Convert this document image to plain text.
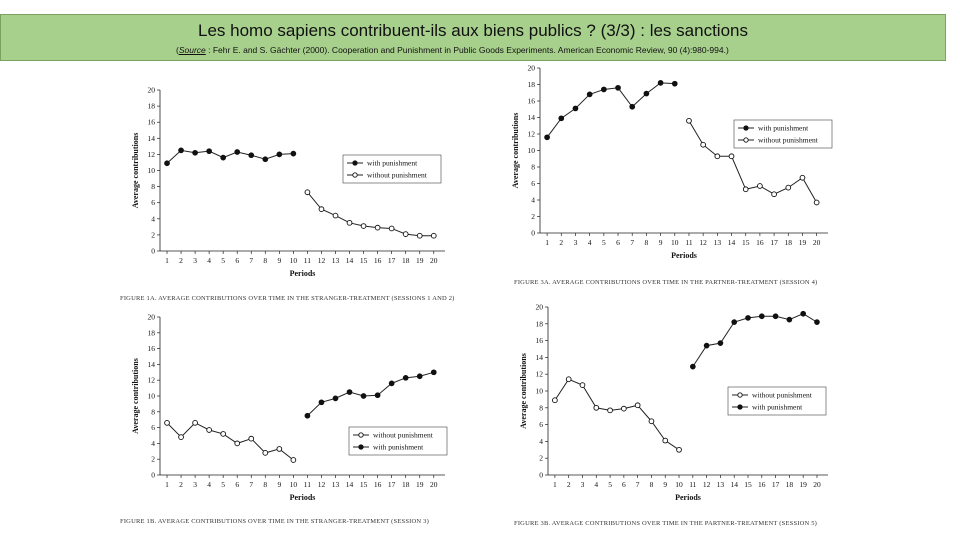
Les homo sapiens contribuent-ils aux biens publics ? (3/3) : les sanctions
(Source : Fehr E. and S. Gächter (2000). Cooperation and Punishment in Public Goods Experiments. American Economic Review, 90 (4):980-994.)
0
2
4
6
8
10
12
14
16
18
20
1 2 3 4 5 6 7 8 9 10 11 12 13 14 15 16 17 18 19 20
Periods
Average contributions	with punishment
without punishment
FIGURE 1A. AVERAGE CONTRIBUTIONS OVER TIME IN THE STRANGER-TREATMENT (SESSIONS 1 AND 2)
0
2
4
6
8
10
12
14
16
18
20
1 2 3 4 5 6 7 8 9 10 11 12 13 14 15 16 17 18 19 20
Periods
Average contributions	with punishment
without punishment
FIGURE 3A. AVERAGE CONTRIBUTIONS OVER TIME IN THE PARTNER-TREATMENT (SESSION 4)
0
2
4
6
8
10
12
14
16
18
20
1 2 3 4 5 6 7 8 9 10 11 12 13 14 15 16 17 18 19 20
Periods
Average contributions
without punishment
with punishment
FIGURE 1B. AVERAGE CONTRIBUTIONS OVER TIME IN THE STRANGER-TREATMENT (SESSION 3)
0
2
4
6
8
10
12
14
16
18
20
1 2 3 4 5 6 7 8 9 10 11 12 13 14 15 16 17 18 19 20
Periods
Average contributions	without punishment
with punishment
FIGURE 3B. AVERAGE CONTRIBUTIONS OVER TIME IN THE PARTNER-TREATMENT (SESSION 5)
